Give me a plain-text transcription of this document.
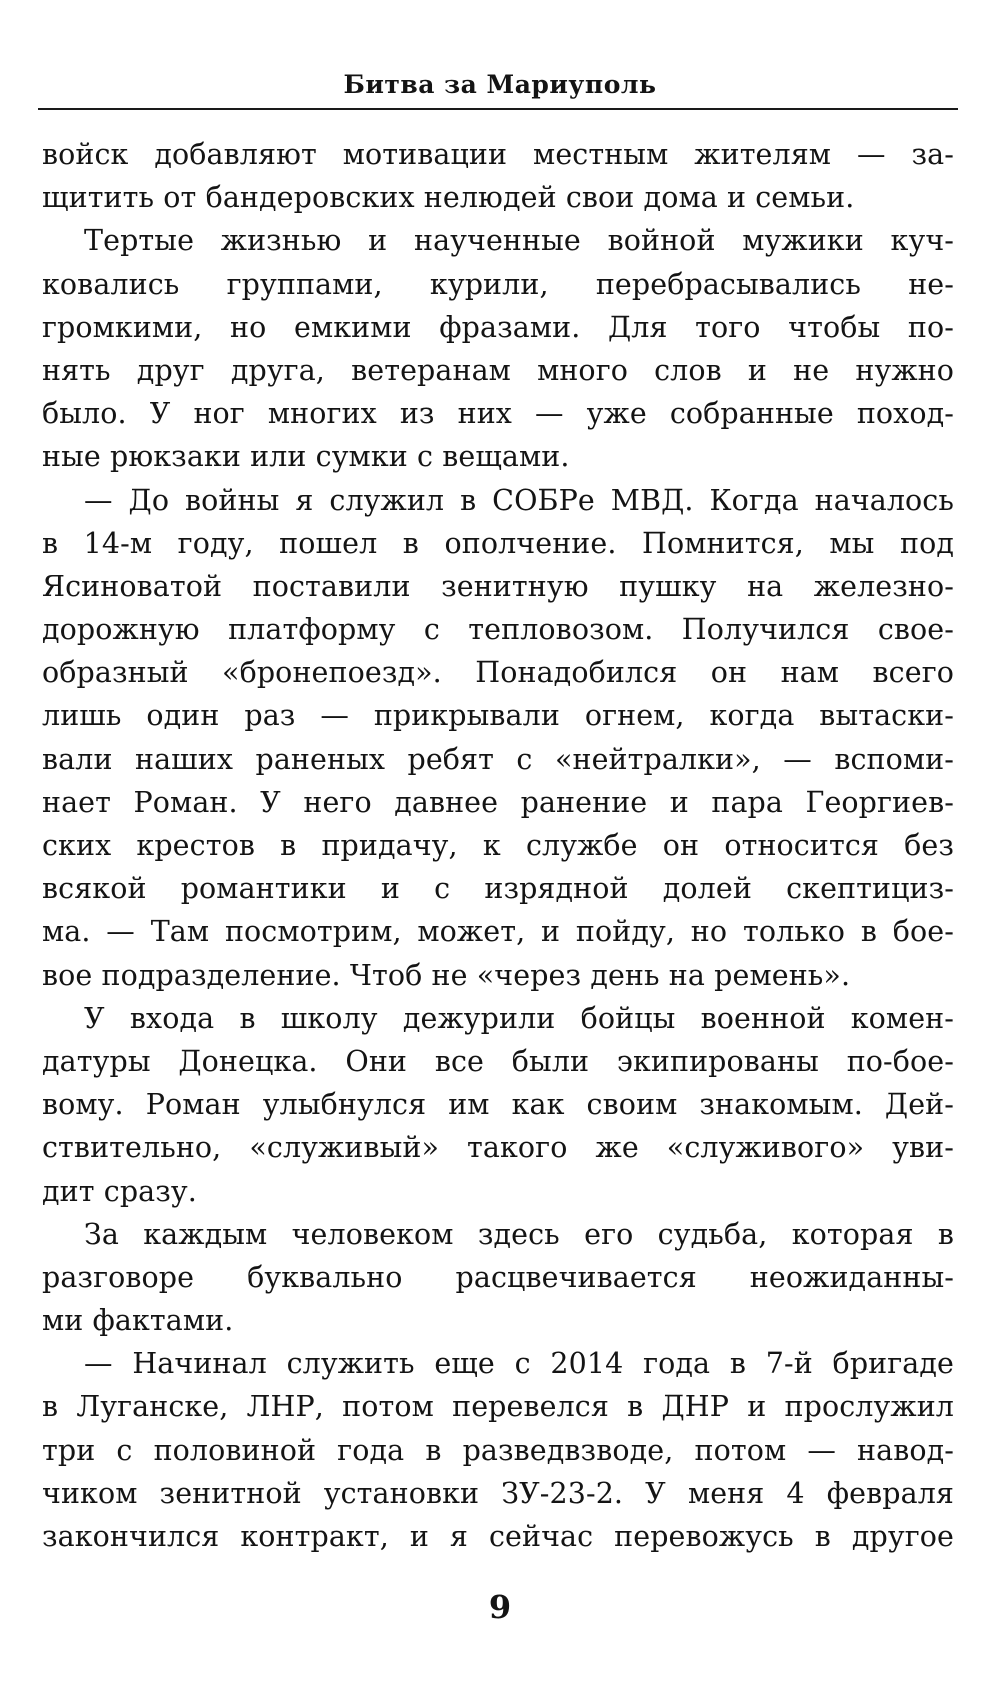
Битва за Мариуполь
войск добавляют мотивации местным жителям — за-
щитить от бандеровских нелюдей свои дома и семьи.
Тертые жизнью и наученные войной мужики куч-
ковались группами, курили, перебрасывались не-
громкими, но емкими фразами. Для того чтобы по-
нять друг друга, ветеранам много слов и не нужно
было. У ног многих из них — уже собранные поход-
ные рюкзаки или сумки с вещами.
— До войны я служил в СОБРе МВД. Когда началось
в 14-м году, пошел в ополчение. Помнится, мы под
Ясиноватой поставили зенитную пушку на железно-
дорожную платформу с тепловозом. Получился свое-
образный «бронепоезд». Понадобился он нам всего
лишь один раз — прикрывали огнем, когда вытаски-
вали наших раненых ребят с «нейтралки», — вспоми-
нает Роман. У него давнее ранение и пара Георгиев-
ских крестов в придачу, к службе он относится без
всякой романтики и с изрядной долей скептициз-
ма. — Там посмотрим, может, и пойду, но только в бое-
вое подразделение. Чтоб не «через день на ремень».
У входа в школу дежурили бойцы военной комен-
датуры Донецка. Они все были экипированы по-бое-
вому. Роман улыбнулся им как своим знакомым. Дей-
ствительно, «служивый» такого же «служивого» уви-
дит сразу.
За каждым человеком здесь его судьба, которая в
разговоре буквально расцвечивается неожиданны-
ми фактами.
— Начинал служить еще с 2014 года в 7-й бригаде
в Луганске, ЛНР, потом перевелся в ДНР и прослужил
три с половиной года в разведвзводе, потом — навод-
чиком зенитной установки ЗУ-23-2. У меня 4 февраля
закончился контракт, и я сейчас перевожусь в другое
9
